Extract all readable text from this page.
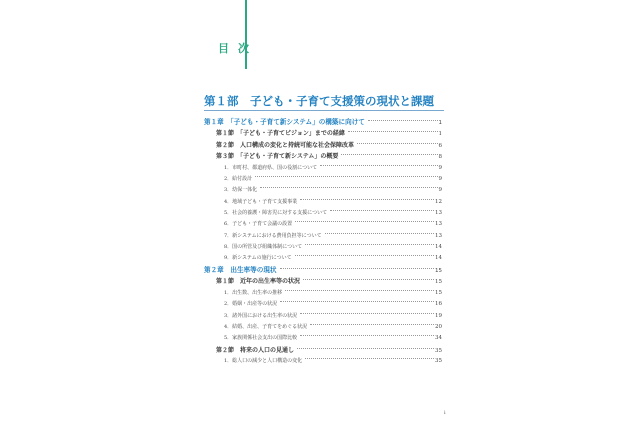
目次
第１部　子ども・子育て支援策の現状と課題
第１章　「子ども・子育て新システム」の構築に向けて	1
第１節　「子ども・子育てビジョン」までの経緯	1
第２節　人口構成の変化と持続可能な社会保障改革	6
第３節　「子ども・子育て新システム」の概要	8
1．市町村、都道府県、国の役割について	9
2．給付設計	9
3．幼保一体化	9
4．地域子ども・子育て支援事業	12
5．社会的養護・障害児に対する支援について	13
6．子ども・子育て会議の設置	13
7．新システムにおける費用負担等について	13
8．国の所管及び組織体制について	14
9．新システムの施行について	14
第２章　出生率等の現状	15
第１節　近年の出生率等の状況	15
1．出生数、出生率の推移	15
2．婚姻・出産等の状況	16
3．諸外国における出生率の状況	19
4．結婚、出産、子育てをめぐる状況	20
5．家族関係社会支出の国際比較	34
第２節　将来の人口の見通し	35
1．総人口の減少と人口構造の変化	35
i
